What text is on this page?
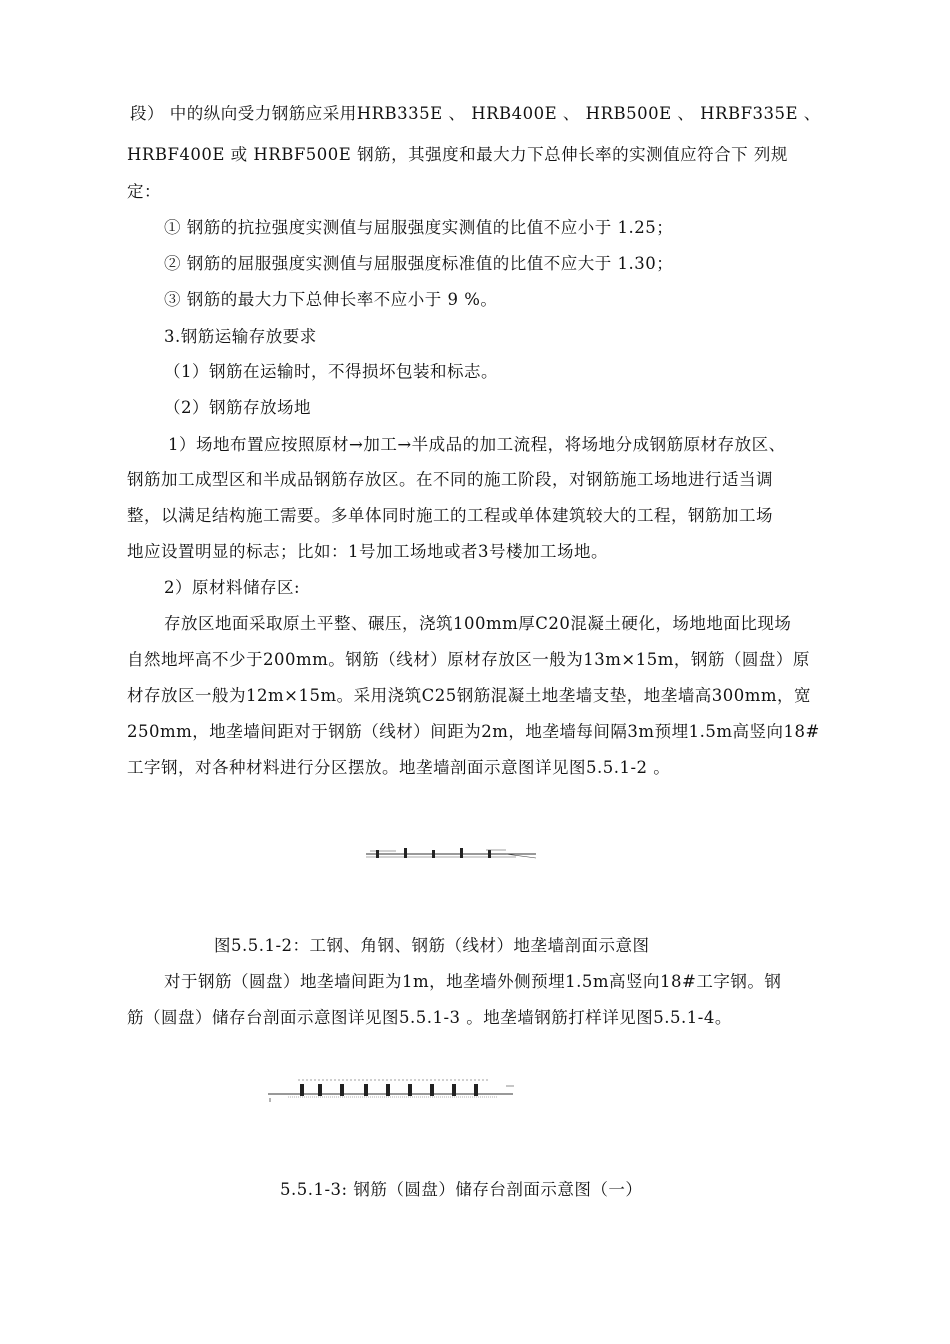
段） 中的纵向受力钢筋应采用HRB335E 、 HRB400E 、 HRB500E 、 HRBF335E 、
HRBF400E 或 HRBF500E 钢筋，其强度和最大力下总伸长率的实测值应符合下 列规
定：
① 钢筋的抗拉强度实测值与屈服强度实测值的比值不应小于 1.25；
② 钢筋的屈服强度实测值与屈服强度标准值的比值不应大于 1.30；
③ 钢筋的最大力下总伸长率不应小于 9 %。
3.钢筋运输存放要求
（1）钢筋在运输时，不得损坏包装和标志。
（2）钢筋存放场地
1）场地布置应按照原材→加工→半成品的加工流程，将场地分成钢筋原材存放区、
钢筋加工成型区和半成品钢筋存放区。在不同的施工阶段，对钢筋施工场地进行适当调
整，以满足结构施工需要。多单体同时施工的工程或单体建筑较大的工程，钢筋加工场
地应设置明显的标志；比如：1号加工场地或者3号楼加工场地。
2）原材料储存区:
存放区地面采取原土平整、碾压，浇筑100mm厚C20混凝土硬化，场地地面比现场
自然地坪高不少于200mm。钢筋（线材）原材存放区一般为13m×15m，钢筋（圆盘）原
材存放区一般为12m×15m。采用浇筑C25钢筋混凝土地垄墙支垫，地垄墙高300mm，宽
250mm，地垄墙间距对于钢筋（线材）间距为2m，地垄墙每间隔3m预埋1.5m高竖向18#
工字钢，对各种材料进行分区摆放。地垄墙剖面示意图详见图5.5.1-2 。
图5.5.1-2：工钢、角钢、钢筋（线材）地垄墙剖面示意图
对于钢筋（圆盘）地垄墙间距为1m，地垄墙外侧预埋1.5m高竖向18#工字钢。钢
筋（圆盘）储存台剖面示意图详见图5.5.1-3 。地垄墙钢筋打样详见图5.5.1-4。
5.5.1-3: 钢筋（圆盘）储存台剖面示意图（一）
